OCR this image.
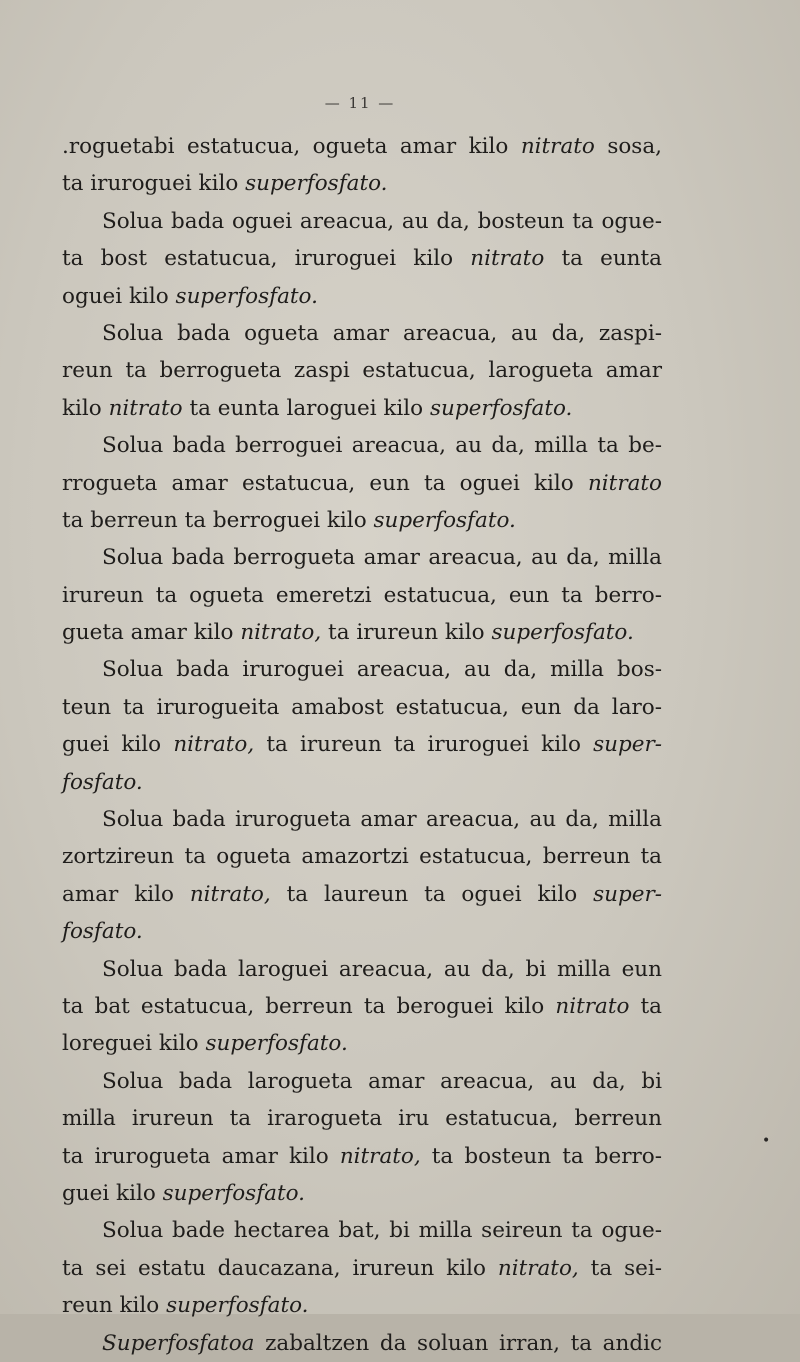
— 11 —
.roguetabi estatucua, ogueta amar kilo nitrato sosa,
ta iruroguei kilo superfosfato.
Solua bada oguei areacua, au da, bosteun ta ogue-
ta bost estatucua, iruroguei kilo nitrato ta eunta
oguei kilo superfosfato.
Solua bada ogueta amar areacua, au da, zaspi-
reun ta berrogueta zaspi estatucua, larogueta amar
kilo nitrato ta eunta laroguei kilo superfosfato.
Solua bada berroguei areacua, au da, milla ta be-
rrogueta amar estatucua, eun ta oguei kilo nitrato
ta berreun ta berroguei kilo superfosfato.
Solua bada berrogueta amar areacua, au da, milla
irureun ta ogueta emeretzi estatucua, eun ta berro-
gueta amar kilo nitrato, ta irureun kilo superfosfato.
Solua bada iruroguei areacua, au da, milla bos-
teun ta irurogueita amabost estatucua, eun da laro-
guei kilo nitrato, ta irureun ta iruroguei kilo super-
fosfato.
Solua bada irurogueta amar areacua, au da, milla
zortzireun ta ogueta amazortzi estatucua, berreun ta
amar kilo nitrato, ta laureun ta oguei kilo super-
fosfato.
Solua bada laroguei areacua, au da, bi milla eun
ta bat estatucua, berreun ta beroguei kilo nitrato ta
loreguei kilo superfosfato.
Solua bada larogueta amar areacua, au da, bi
milla irureun ta irarogueta iru estatucua, berreun
ta irurogueta amar kilo nitrato, ta bosteun ta berro-
guei kilo superfosfato.
Solua bade hectarea bat, bi milla seireun ta ogue-
ta sei estatu daucazana, irureun kilo nitrato, ta sei-
reun kilo superfosfato.
Superfosfatoa zabaltzen da soluan irran, ta andic
•
